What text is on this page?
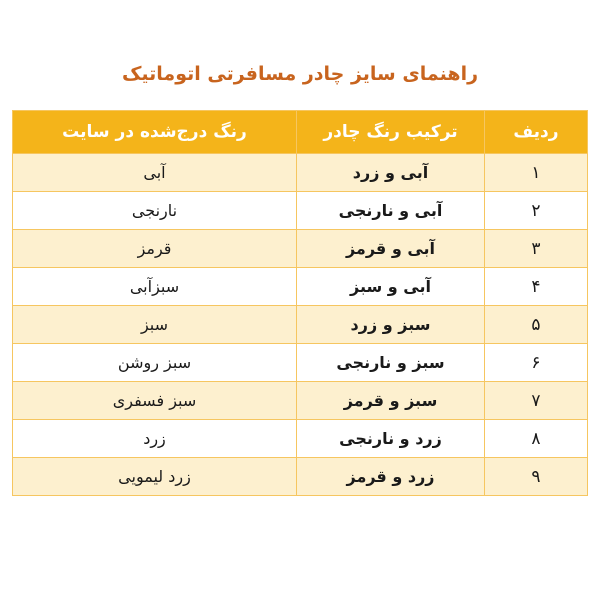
راهنمای سایز چادر مسافرتی اتوماتیک
ردیف	ترکیب رنگ چادر	رنگ درج‌شده در سایت
۱	آبی و زرد	آبی
۲	آبی و نارنجی	نارنجی
۳	آبی و قرمز	قرمز
۴	آبی و سبز	سبزآبی
۵	سبز و زرد	سبز
۶	سبز و نارنجی	سبز روشن
۷	سبز و قرمز	سبز فسفری
۸	زرد و نارنجی	زرد
۹	زرد و قرمز	زرد لیمویی
